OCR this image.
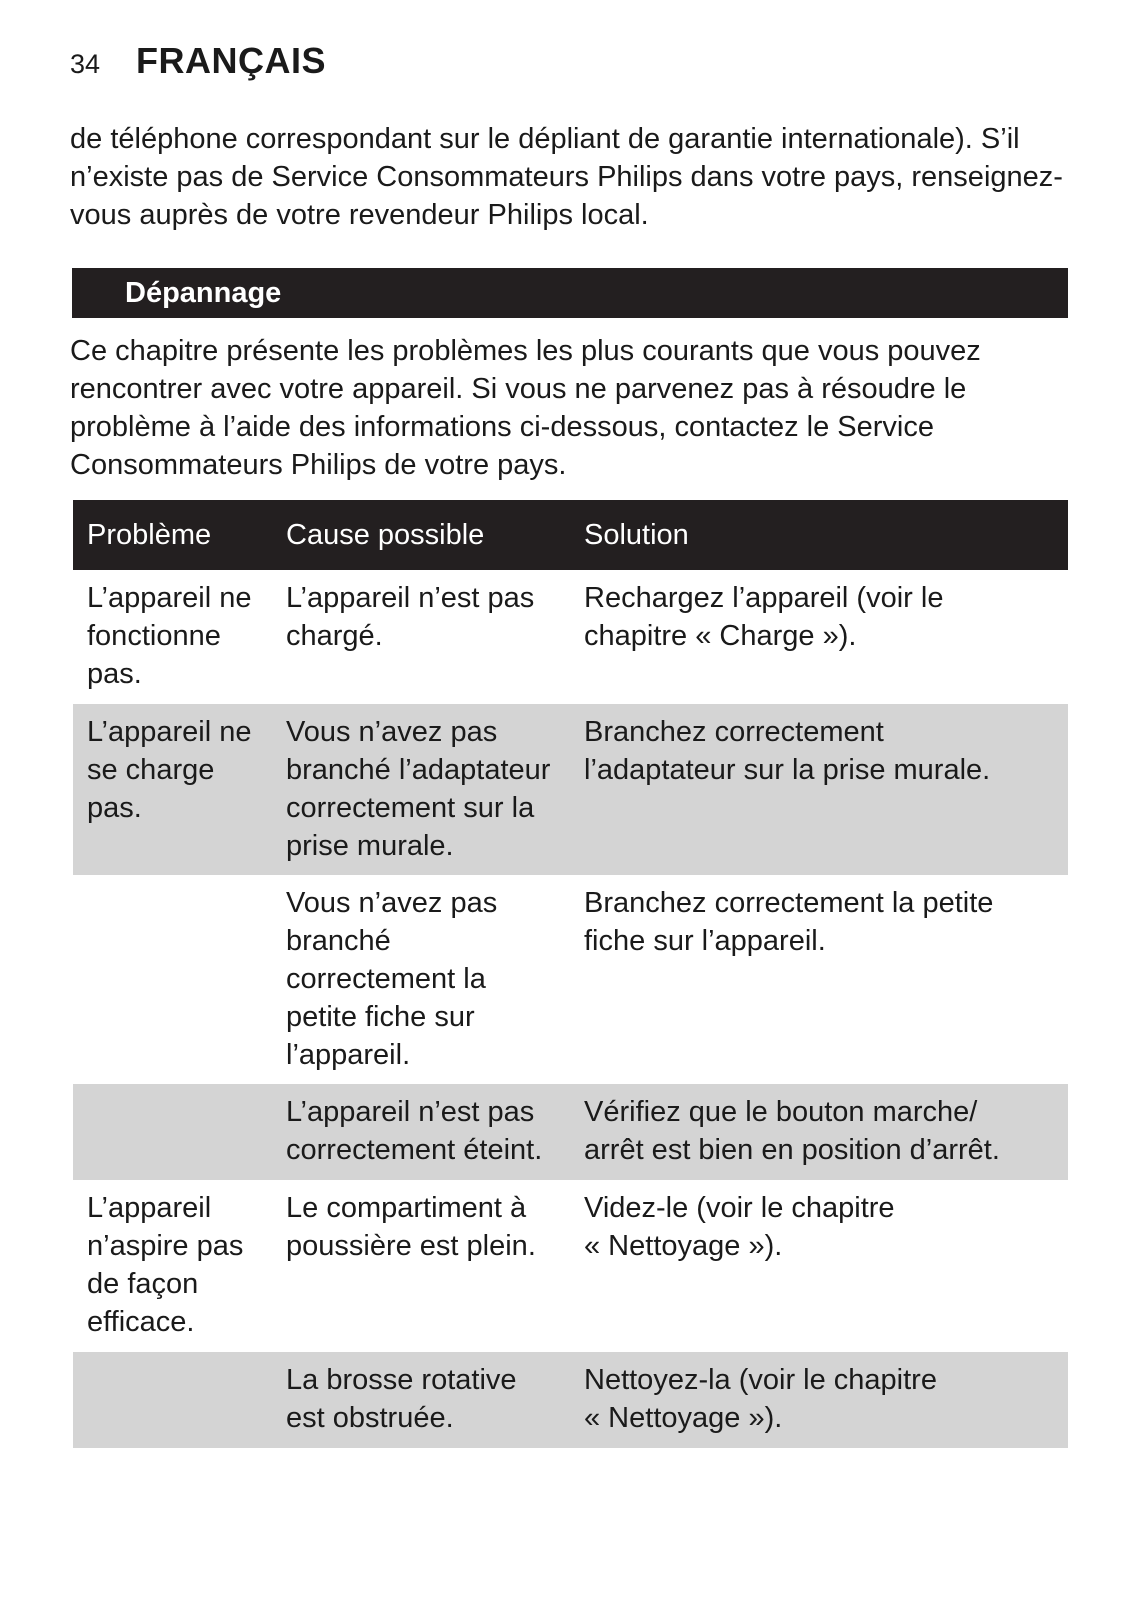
34 FRANÇAIS

de téléphone correspondant sur le dépliant de garantie internationale). S’il n’existe pas de Service Consommateurs Philips dans votre pays, renseignez-vous auprès de votre revendeur Philips local.

Dépannage

Ce chapitre présente les problèmes les plus courants que vous pouvez rencontrer avec votre appareil. Si vous ne parvenez pas à résoudre le problème à l’aide des informations ci-dessous, contactez le Service Consommateurs Philips de votre pays.

Problème	Cause possible	Solution
L’appareil ne
fonctionne
pas.
L’appareil n’est pas
chargé.
Rechargez l’appareil (voir le
chapitre « Charge »).
L’appareil ne
se charge
pas.
Vous n’avez pas
branché l’adaptateur
correctement sur la
prise murale.
Branchez correctement
l’adaptateur sur la prise murale.
Vous n’avez pas
branché
correctement la
petite fiche sur
l’appareil.
Branchez correctement la petite
fiche sur l’appareil.
L’appareil n’est pas
correctement éteint.
Vérifiez que le bouton marche/
arrêt est bien en position d’arrêt.
L’appareil
n’aspire pas
de façon
efficace.
Le compartiment à
poussière est plein.
Videz-le (voir le chapitre
« Nettoyage »).
La brosse rotative
est obstruée.
Nettoyez-la (voir le chapitre
« Nettoyage »).
